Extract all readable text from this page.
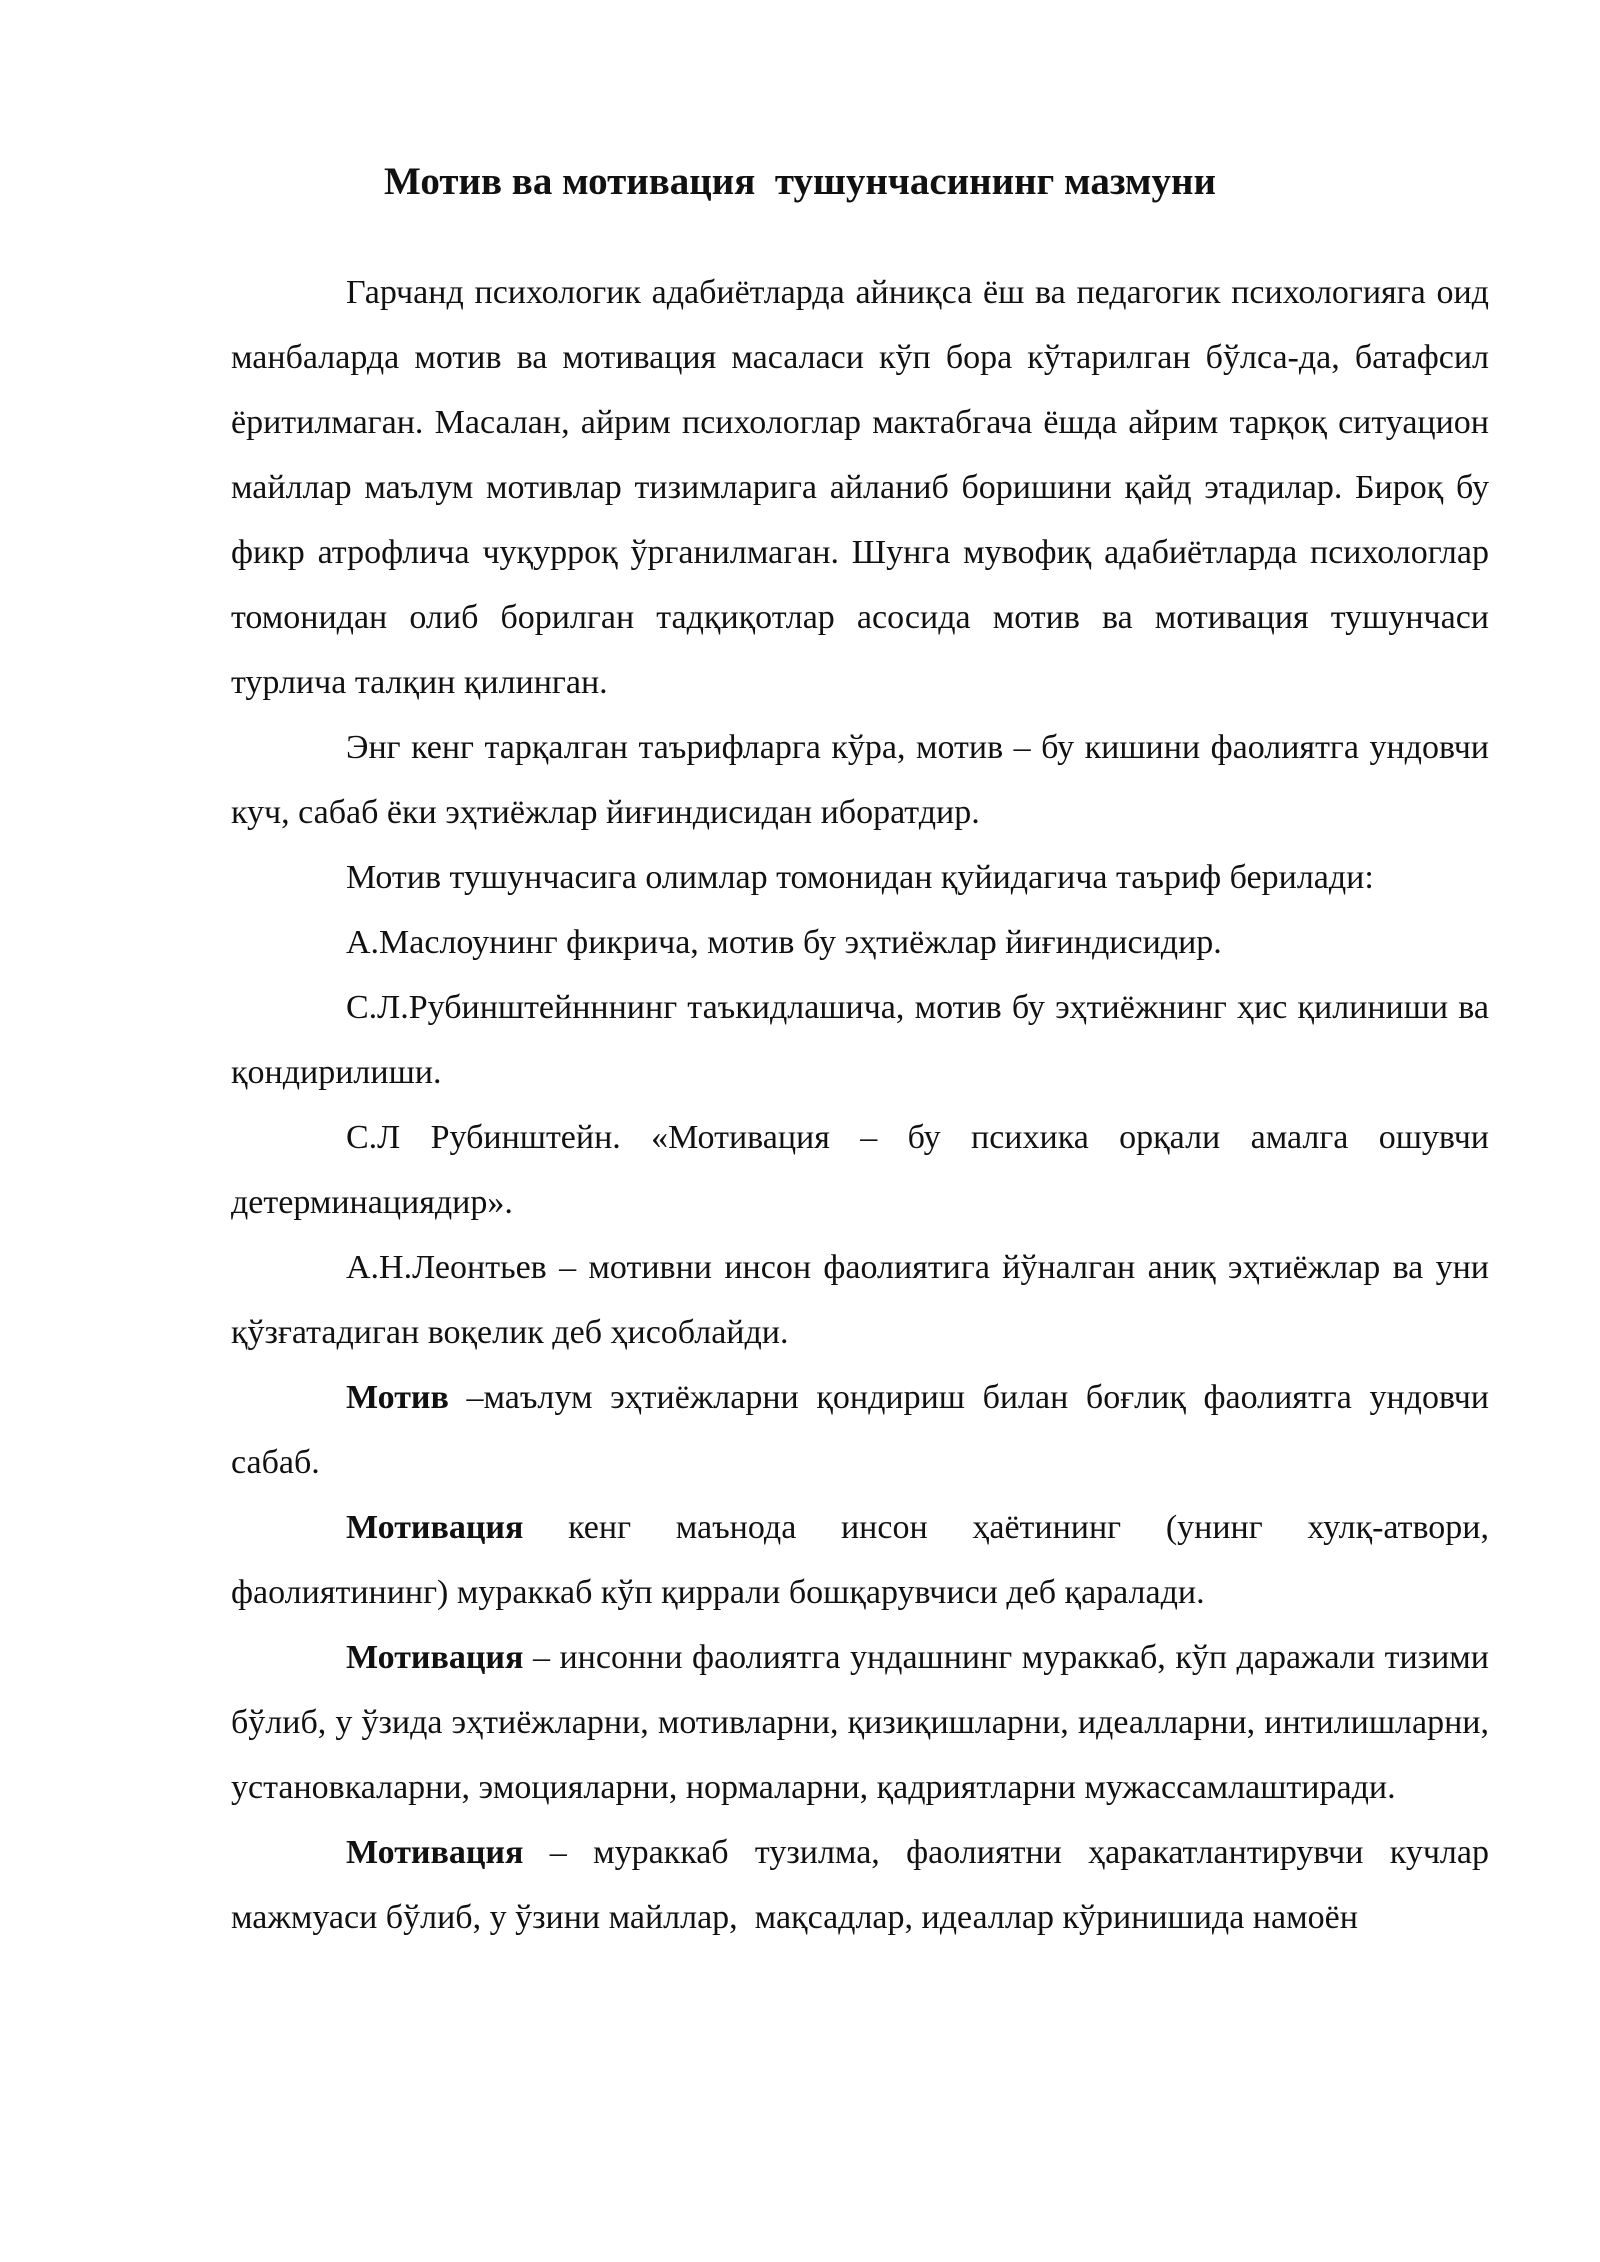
Мотив ва мотивация  тушунчасининг мазмуни

Гарчанд психологик адабиётларда айниқса ёш ва педагогик психологияга оид манбаларда мотив ва мотивация масаласи кўп бора кўтарилган бўлса-да, батафсил ёритилмаган. Масалан, айрим психологлар мактабгача ёшда айрим тарқоқ ситуацион майллар маълум мотивлар тизимларига айланиб боришини қайд этадилар. Бироқ бу фикр атрофлича чуқурроқ ўрганилмаган. Шунга мувофиқ адабиётларда психологлар томонидан олиб борилган тадқиқотлар асосида мотив ва мотивация тушунчаси турлича талқин қилинган.

Энг кенг тарқалган таърифларга кўра, мотив – бу кишини фаолиятга ундовчи куч, сабаб ёки эҳтиёжлар йиғиндисидан иборатдир.

Мотив тушунчасига олимлар томонидан қуйидагича таъриф берилади:

А.Маслоунинг фикрича, мотив бу эҳтиёжлар йиғиндисидир.

С.Л.Рубинштейнннинг таъкидлашича, мотив бу эҳтиёжнинг ҳис қилиниши ва қондирилиши.

С.Л Рубинштейн. «Мотивация – бу психика орқали амалга ошувчи детерминациядир».

А.Н.Леонтьев – мотивни инсон фаолиятига йўналган аниқ эҳтиёжлар ва уни қўзғатадиган воқелик деб ҳисоблайди.

Мотив –маълум эҳтиёжларни қондириш билан боғлиқ фаолиятга ундовчи сабаб.

Мотивация кенг маънода инсон ҳаётининг (унинг хулқ-атвори, фаолиятининг) мураккаб кўп қиррали бошқарувчиси деб қаралади.

Мотивация – инсонни фаолиятга ундашнинг мураккаб, кўп даражали тизими бўлиб, у ўзида эҳтиёжларни, мотивларни, қизиқишларни, идеалларни, интилишларни, установкаларни, эмоцияларни, нормаларни, қадриятларни мужассамлаштиради.

Мотивация – мураккаб тузилма, фаолиятни ҳаракатлантирувчи кучлар мажмуаси бўлиб, у ўзини майллар,  мақсадлар, идеаллар кўринишида намоён
